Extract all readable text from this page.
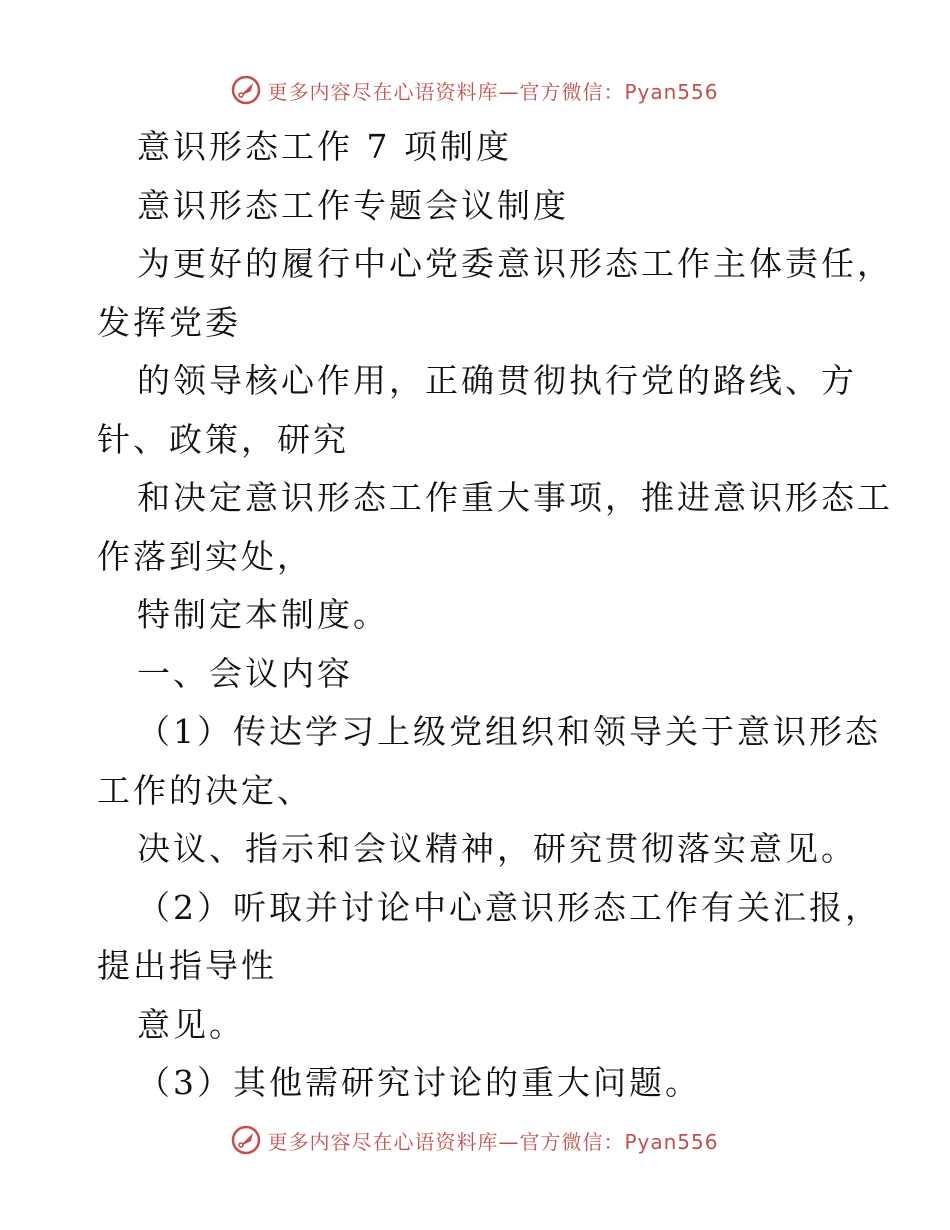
更多内容尽在心语资料库—官方微信：Pyan556
意识形态工作 7 项制度
意识形态工作专题会议制度
为更好的履行中心党委意识形态工作主体责任，
发挥党委
的领导核心作用，正确贯彻执行党的路线、方
针、政策，研究
和决定意识形态工作重大事项，推进意识形态工
作落到实处，
特制定本制度。
一、会议内容
（1）传达学习上级党组织和领导关于意识形态
工作的决定、
决议、指示和会议精神，研究贯彻落实意见。
（2）听取并讨论中心意识形态工作有关汇报，
提出指导性
意见。
（3）其他需研究讨论的重大问题。
更多内容尽在心语资料库—官方微信：Pyan556
